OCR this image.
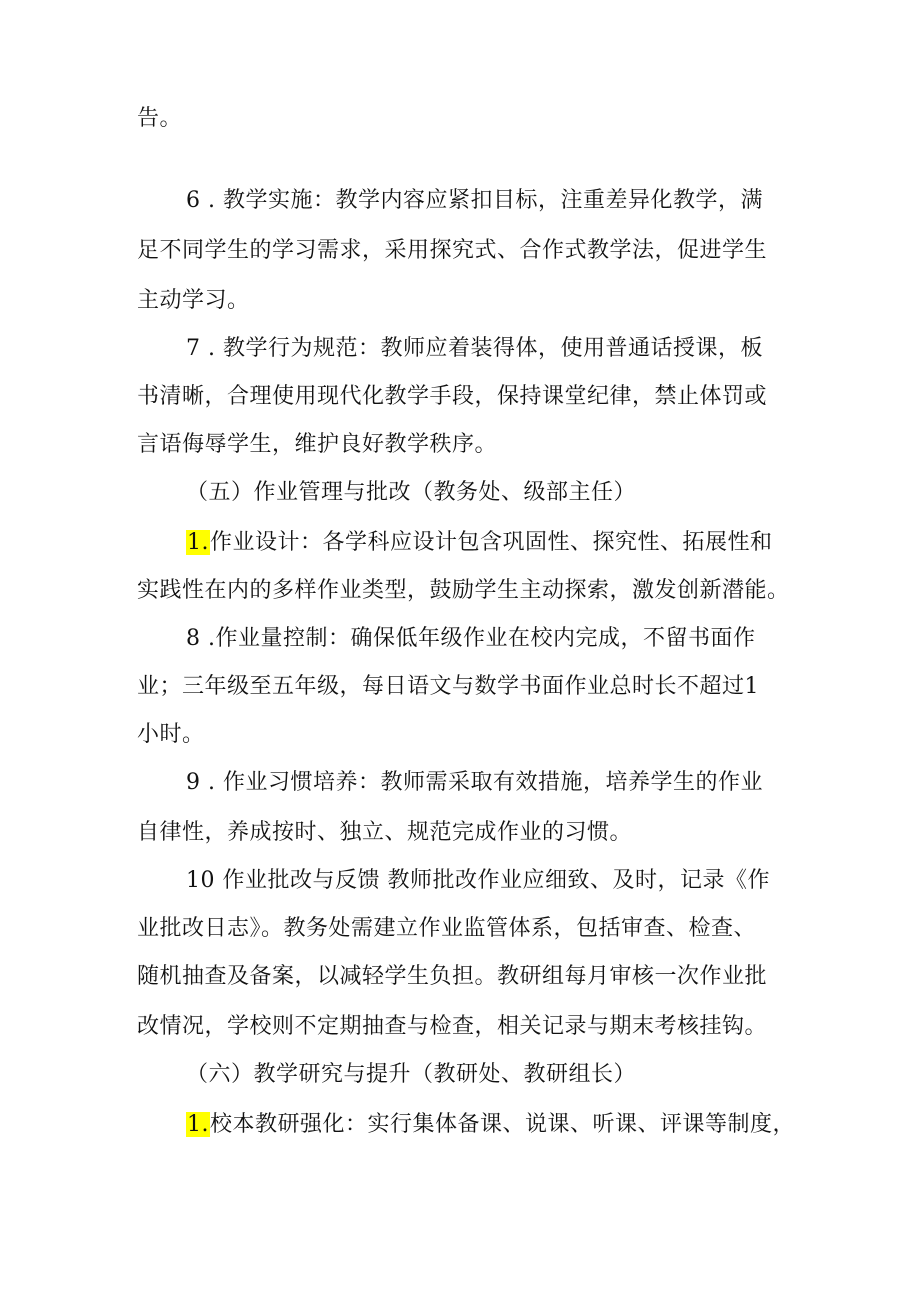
告。
6 . 教学实施：教学内容应紧扣目标，注重差异化教学，满
足不同学生的学习需求，采用探究式、合作式教学法，促进学生
主动学习。
7 . 教学行为规范：教师应着装得体，使用普通话授课，板
书清晰，合理使用现代化教学手段，保持课堂纪律，禁止体罚或
言语侮辱学生，维护良好教学秩序。
（五）作业管理与批改（教务处、级部主任）
1.作业设计：各学科应设计包含巩固性、探究性、拓展性和
实践性在内的多样作业类型，鼓励学生主动探索，激发创新潜能。
8 .作业量控制：确保低年级作业在校内完成，不留书面作
业；三年级至五年级，每日语文与数学书面作业总时长不超过1
小时。
9 . 作业习惯培养：教师需采取有效措施，培养学生的作业
自律性，养成按时、独立、规范完成作业的习惯。
10 作业批改与反馈 教师批改作业应细致、及时，记录《作
业批改日志》。教务处需建立作业监管体系，包括审查、检查、
随机抽查及备案，以减轻学生负担。教研组每月审核一次作业批
改情况，学校则不定期抽查与检查，相关记录与期末考核挂钩。
（六）教学研究与提升（教研处、教研组长）
1.校本教研强化：实行集体备课、说课、听课、评课等制度，
